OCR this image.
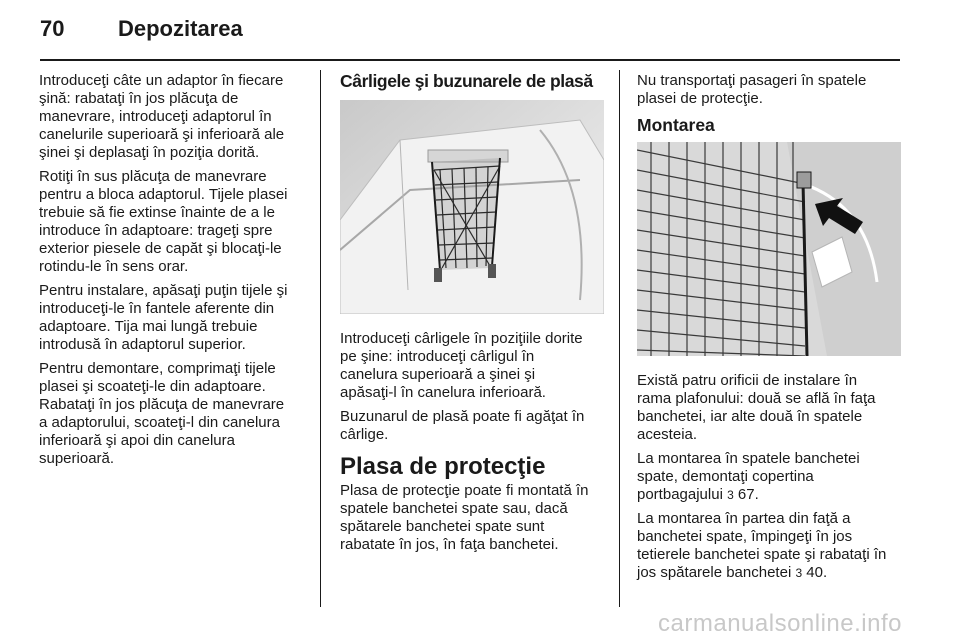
70 Depozitarea

Introduceţi câte un adaptor în fiecare
şină: rabataţi în jos plăcuţa de
manevrare, introduceţi adaptorul în
canelurile superioară şi inferioară ale
şinei şi deplasaţi în poziţia dorită.

Rotiţi în sus plăcuţa de manevrare
pentru a bloca adaptorul. Tijele plasei
trebuie să fie extinse înainte de a le
introduce în adaptoare: trageţi spre
exterior piesele de capăt şi blocaţi-le
rotindu-le în sens orar.

Pentru instalare, apăsaţi puţin tijele şi
introduceţi-le în fantele aferente din
adaptoare. Tija mai lungă trebuie
introdusă în adaptorul superior.

Pentru demontare, comprimaţi tijele
plasei şi scoateţi-le din adaptoare.
Rabataţi în jos plăcuţa de manevrare
a adaptorului, scoateţi-l din canelura
inferioară şi apoi din canelura
superioară.

Cârligele şi buzunarele de plasă

Introduceţi cârligele în poziţiile dorite
pe şine: introduceţi cârligul în
canelura superioară a şinei şi
apăsaţi-l în canelura inferioară.

Buzunarul de plasă poate fi agăţat în
cârlige.

Plasa de protecţie

Plasa de protecţie poate fi montată în
spatele banchetei spate sau, dacă
spătarele banchetei spate sunt
rabatate în jos, în faţa banchetei.

Nu transportaţi pasageri în spatele
plasei de protecţie.

Montarea

Există patru orificii de instalare în
rama plafonului: două se află în faţa
banchetei, iar alte două în spatele
acesteia.

La montarea în spatele banchetei
spate, demontaţi copertina
portbagajului 3 67.

La montarea în partea din faţă a
banchetei spate, împingeţi în jos
tetierele banchetei spate şi rabataţi în
jos spătarele banchetei 3 40.

carmanualsonline.info
